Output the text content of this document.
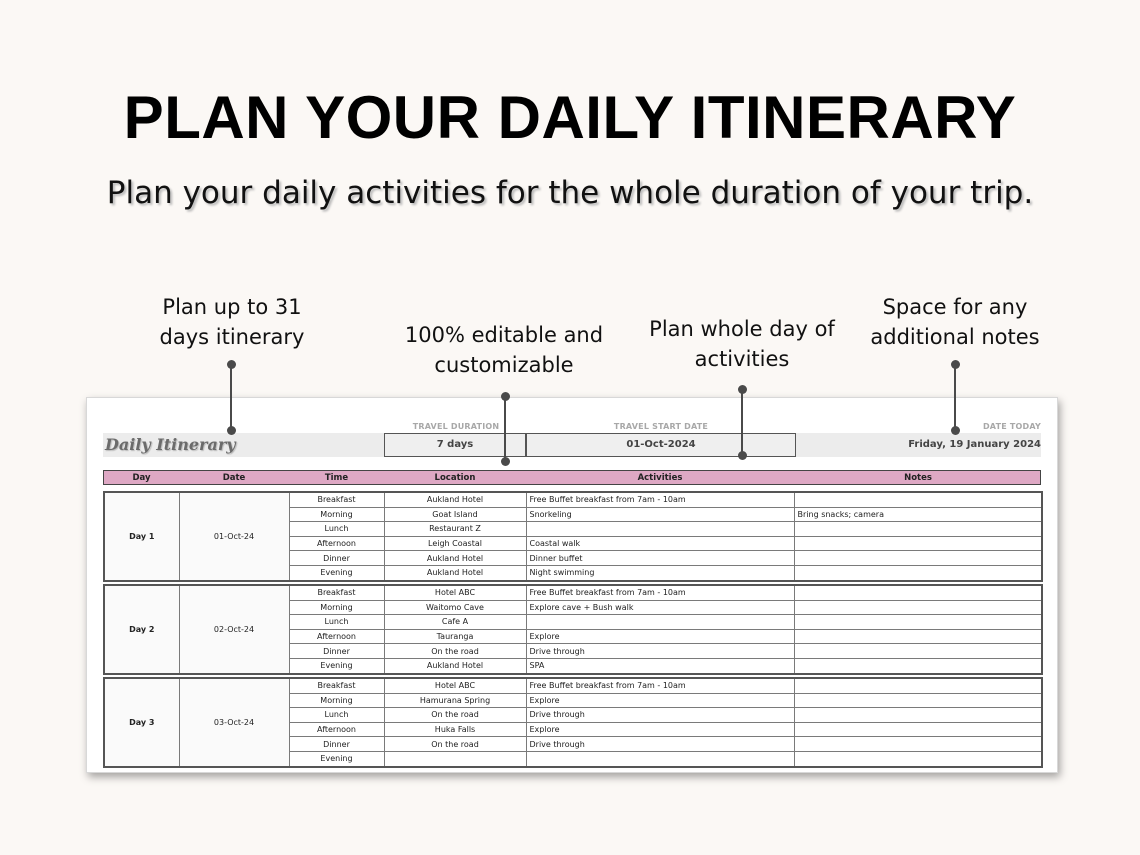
PLAN YOUR DAILY ITINERARY
Plan your daily activities for the whole duration of your trip.
Plan up to 31 days itinerary	100% editable and customizable
Plan whole day of activities
Space for any additional notes
Daily Itinerary
TRAVEL DURATION
7 days
TRAVEL START DATE
01-Oct-2024
DATE TODAY
Friday, 19 January 2024
Day	Date	Time	Location	Activities	Notes
Day 1	01-Oct-24	Breakfast	Aukland Hotel	Free Buffet breakfast from 7am - 10am	
		Morning	Goat Island	Snorkeling	Bring snacks; camera
		Lunch	Restaurant Z		
		Afternoon	Leigh Coastal	Coastal walk	
		Dinner	Aukland Hotel	Dinner buffet	
		Evening	Aukland Hotel	Night swimming	
Day 2	02-Oct-24	Breakfast	Hotel ABC	Free Buffet breakfast from 7am - 10am	
		Morning	Waitomo Cave	Explore cave + Bush walk	
		Lunch	Cafe A		
		Afternoon	Tauranga	Explore	
		Dinner	On the road	Drive through	
		Evening	Aukland Hotel	SPA	
Day 3	03-Oct-24	Breakfast	Hotel ABC	Free Buffet breakfast from 7am - 10am	
		Morning	Hamurana Spring	Explore	
		Lunch	On the road	Drive through	
		Afternoon	Huka Falls	Explore	
		Dinner	On the road	Drive through	
		Evening			
